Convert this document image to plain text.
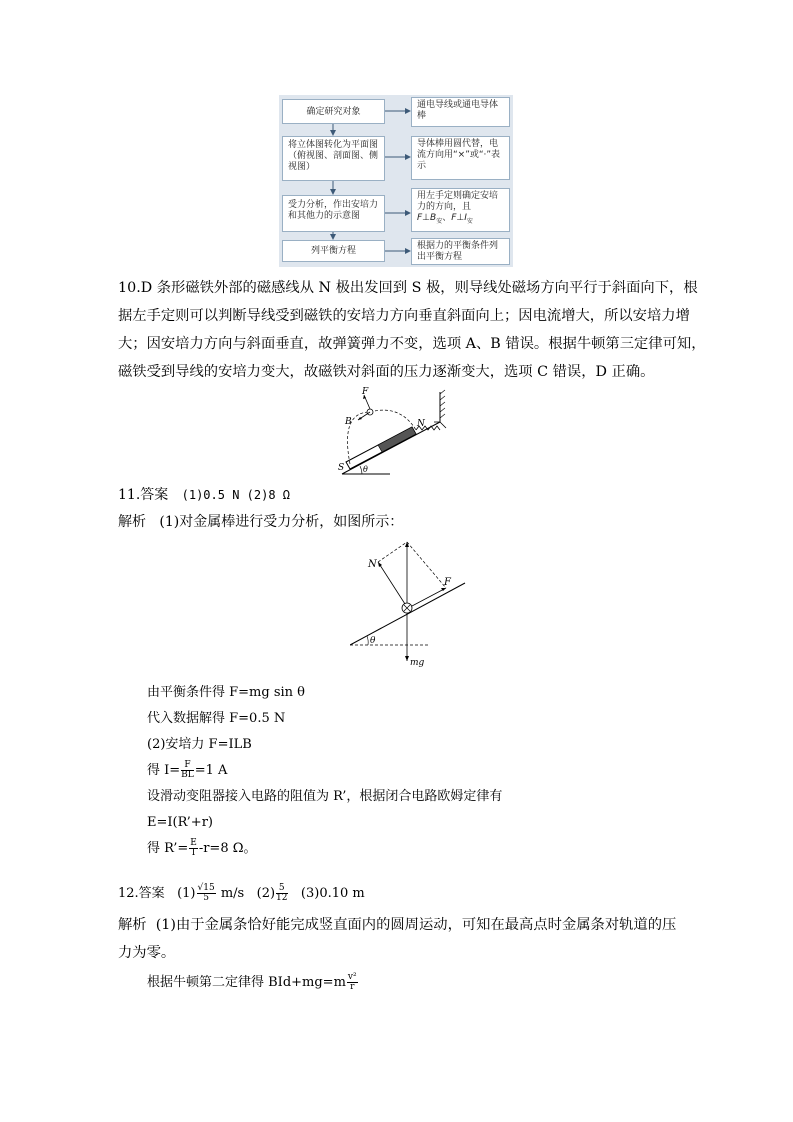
确定研究对象
将立体图转化为平面图（俯视图、剖面图、侧视图）
受力分析，作出安培力和其他力的示意图
列平衡方程
通电导线或通电导体棒
导体棒用圆代替，电流方向用“×”或“·”表示
用左手定则确定安培力的方向，且
$F\perp B_安$、$F\perp I_安$
根据力的平衡条件列出平衡方程
10.D 条形磁铁外部的磁感线从 N 极出发回到 S 极，则导线处磁场方向平行于斜面向下，根
据左手定则可以判断导线受到磁铁的安培力方向垂直斜面向上；因电流增大，所以安培力增
大；因安培力方向与斜面垂直，故弹簧弹力不变，选项 A、B 错误。根据牛顿第三定律可知，
磁铁受到导线的安培力变大，故磁铁对斜面的压力逐渐变大，选项 C 错误，D 正确。
F
B	N
S θ
11.答案 (1)0.5 N (2)8 Ω
解析 (1)对金属棒进行受力分析，如图所示：
N
F
θ
mg
由平衡条件得 F=mg sin θ
代入数据解得 F=0.5 N
(2)安培力 F=ILB
得 $I= \frac{F}{BL} =1$ A
设滑动变阻器接入电路的阻值为 R’，根据闭合电路欧姆定律有
E=I(R’+r)
得 R’= $\frac{E}{I} -r=8$ Ω。
12.答案 $(1) \frac{√15}{5} m/s$ $(2) \frac{5}{12} (3)0.10$ m
解析 (1)由于金属条恰好能完成竖直面内的圆周运动，可知在最高点时金属条对轨道的压
力为零。
根据牛顿第二定律得 $BId+mg=m \frac{\text{v²}}{r}$
